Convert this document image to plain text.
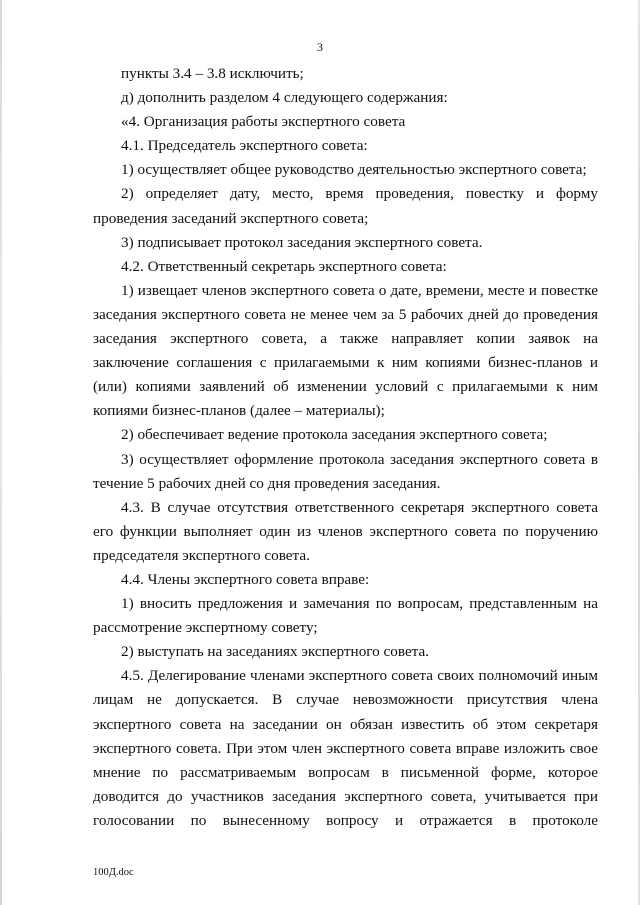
3

пункты 3.4 – 3.8 исключить;

д) дополнить разделом 4 следующего содержания:

«4. Организация работы экспертного совета

4.1. Председатель экспертного совета:

1) осуществляет общее руководство деятельностью экспертного совета;

2) определяет дату, место, время проведения, повестку и форму проведения заседаний экспертного совета;

3) подписывает протокол заседания экспертного совета.

4.2. Ответственный секретарь экспертного совета:

1) извещает членов экспертного совета о дате, времени, месте и повестке заседания экспертного совета не менее чем за 5 рабочих дней до проведения заседания экспертного совета, а также направляет копии заявок на заключение соглашения с прилагаемыми к ним копиями бизнес-планов и (или) копиями заявлений об изменении условий с прилагаемыми к ним копиями бизнес-планов (далее – материалы);

2) обеспечивает ведение протокола заседания экспертного совета;

3) осуществляет оформление протокола заседания экспертного совета в течение 5 рабочих дней со дня проведения заседания.

4.3. В случае отсутствия ответственного секретаря экспертного совета его функции выполняет один из членов экспертного совета по поручению председателя экспертного совета.

4.4. Члены экспертного совета вправе:

1) вносить предложения и замечания по вопросам, представленным на рассмотрение экспертному совету;

2) выступать на заседаниях экспертного совета.

4.5. Делегирование членами экспертного совета своих полномочий иным лицам не допускается. В случае невозможности присутствия члена экспертного совета на заседании он обязан известить об этом секретаря экспертного совета. При этом член экспертного совета вправе изложить свое мнение по рассматриваемым вопросам в письменной форме, которое доводится до участников заседания экспертного совета, учитывается при голосовании по вынесенному вопросу и отражается в протоколе

100Д.doc
